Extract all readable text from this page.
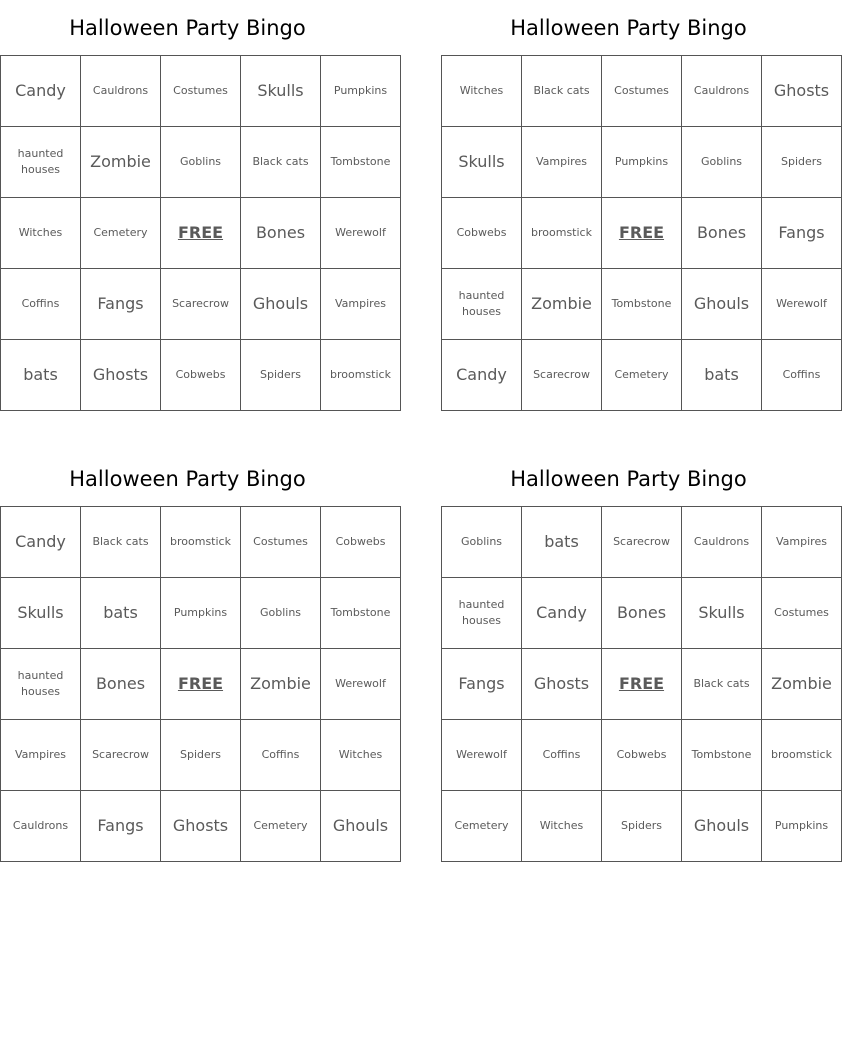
Halloween Party Bingo
Candy	Cauldrons	Costumes	Skulls	Pumpkins
haunted houses	Zombie	Goblins	Black cats	Tombstone
Witches	Cemetery	FREE	Bones	Werewolf
Coffins	Fangs	Scarecrow	Ghouls	Vampires
bats	Ghosts	Cobwebs	Spiders	broomstick
Halloween Party Bingo
Witches	Black cats	Costumes	Cauldrons	Ghosts
Skulls	Vampires	Pumpkins	Goblins	Spiders
Cobwebs	broomstick	FREE	Bones	Fangs
haunted houses	Zombie	Tombstone	Ghouls	Werewolf
Candy	Scarecrow	Cemetery	bats	Coffins
Halloween Party Bingo
Candy	Black cats	broomstick	Costumes	Cobwebs
Skulls	bats	Pumpkins	Goblins	Tombstone
haunted houses	Bones	FREE	Zombie	Werewolf
Vampires	Scarecrow	Spiders	Coffins	Witches
Cauldrons	Fangs	Ghosts	Cemetery	Ghouls
Halloween Party Bingo
Goblins	bats	Scarecrow	Cauldrons	Vampires
haunted houses	Candy	Bones	Skulls	Costumes
Fangs	Ghosts	FREE	Black cats	Zombie
Werewolf	Coffins	Cobwebs	Tombstone	broomstick
Cemetery	Witches	Spiders	Ghouls	Pumpkins
